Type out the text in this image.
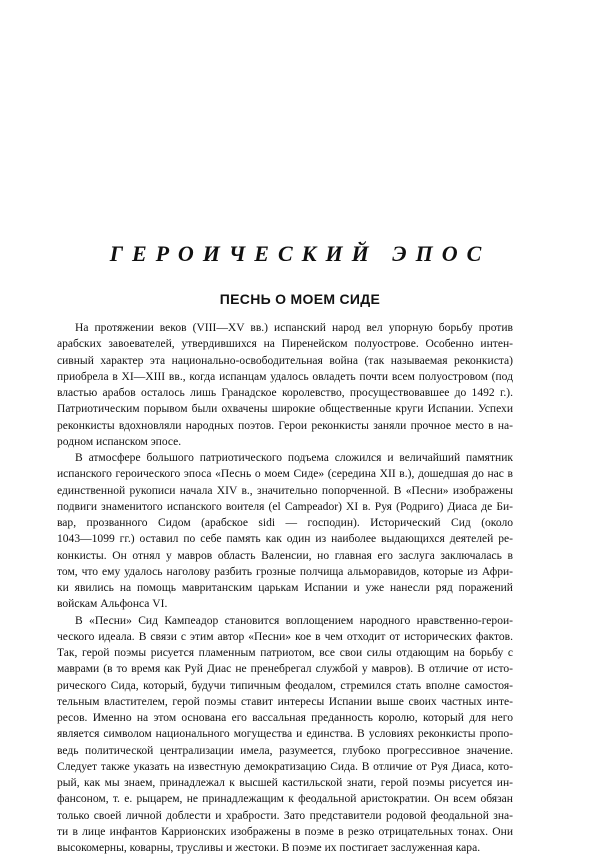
ГЕРОИЧЕСКИЙ ЭПОС
ПЕСНЬ О МОЕМ СИДЕ

На протяжении веков (VIII—XV вв.) испанский народ вел упорную борьбу против
арабских завоевателей, утвердившихся на Пиренейском полуострове. Особенно интен-
сивный характер эта национально-освободительная война (так называемая реконкиста)
приобрела в XI—XIII вв., когда испанцам удалось овладеть почти всем полуостровом (под
властью арабов осталось лишь Гранадское королевство, просуществовавшее до 1492 г.).
Патриотическим порывом были охвачены широкие общественные круги Испании. Успехи
реконкисты вдохновляли народных поэтов. Герои реконкисты заняли прочное место в на-
родном испанском эпосе.

В атмосфере большого патриотического подъема сложился и величайший памятник
испанского героического эпоса «Песнь о моем Сиде» (середина XII в.), дошедшая до нас в
единственной рукописи начала XIV в., значительно попорченной. В «Песни» изображены
подвиги знаменитого испанского воителя (el Campeador) XI в. Руя (Родриго) Диаса де Би-
вар, прозванного Сидом (арабское sidi — господин). Исторический Сид (около
1043—1099 гг.) оставил по себе память как один из наиболее выдающихся деятелей ре-
конкисты. Он отнял у мавров область Валенсии, но главная его заслуга заключалась в
том, что ему удалось наголову разбить грозные полчища альморавидов, которые из Афри-
ки явились на помощь мавританским царькам Испании и уже нанесли ряд поражений
войскам Альфонса VI.

В «Песни» Сид Кампеадор становится воплощением народного нравственно-герои-
ческого идеала. В связи с этим автор «Песни» кое в чем отходит от исторических фактов.
Так, герой поэмы рисуется пламенным патриотом, все свои силы отдающим на борьбу с
маврами (в то время как Руй Диас не пренебрегал службой у мавров). В отличие от исто-
рического Сида, который, будучи типичным феодалом, стремился стать вполне самостоя-
тельным властителем, герой поэмы ставит интересы Испании выше своих частных инте-
ресов. Именно на этом основана его вассальная преданность королю, который для него
является символом национального могущества и единства. В условиях реконкисты пропо-
ведь политической централизации имела, разумеется, глубоко прогрессивное значение.
Следует также указать на известную демократизацию Сида. В отличие от Руя Диаса, кото-
рый, как мы знаем, принадлежал к высшей кастильской знати, герой поэмы рисуется ин-
фансоном, т. е. рыцарем, не принадлежащим к феодальной аристократии. Он всем обязан
только своей личной доблести и храбрости. Зато представители родовой феодальной зна-
ти в лице инфантов Каррионских изображены в поэме в резко отрицательных тонах. Они
высокомерны, коварны, трусливы и жестоки. В поэме их постигает заслуженная кара.
